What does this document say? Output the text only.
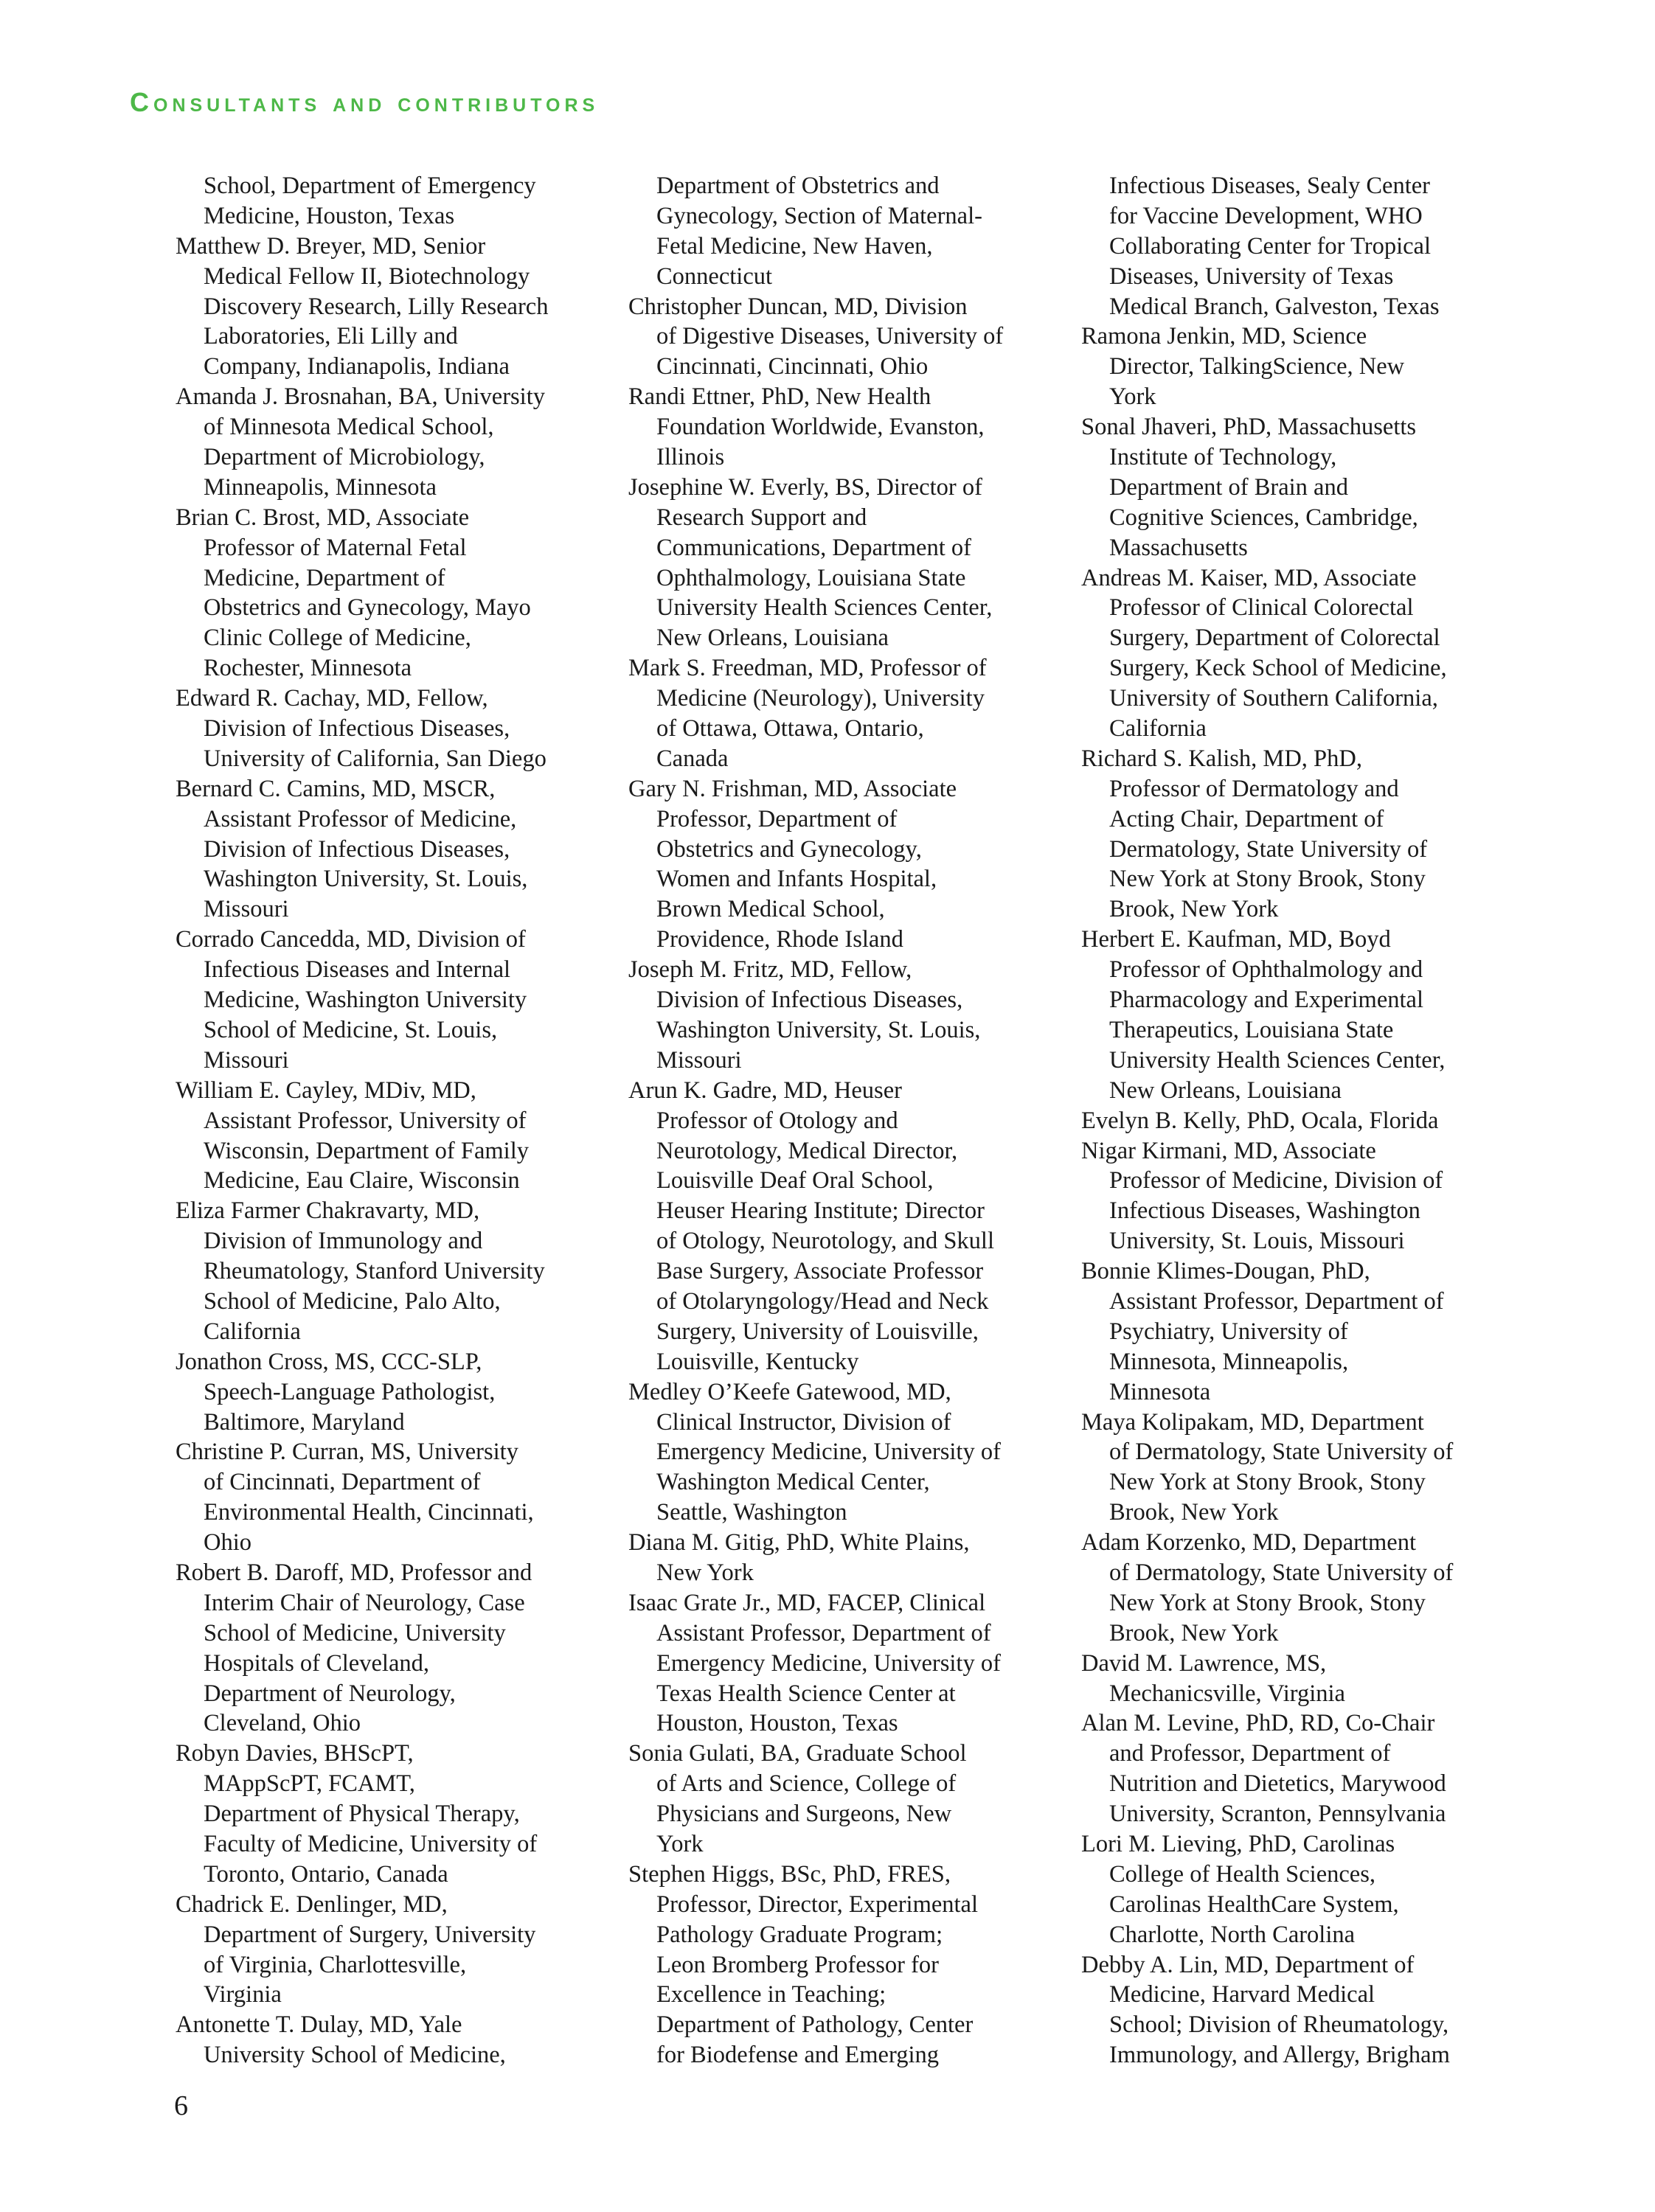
Consultants and contributors
School, Department of Emergency
Medicine, Houston, Texas
Matthew D. Breyer, MD, Senior
Medical Fellow II, Biotechnology
Discovery Research, Lilly Research
Laboratories, Eli Lilly and
Company, Indianapolis, Indiana
Amanda J. Brosnahan, BA, University
of Minnesota Medical School,
Department of Microbiology,
Minneapolis, Minnesota
Brian C. Brost, MD, Associate
Professor of Maternal Fetal
Medicine, Department of
Obstetrics and Gynecology, Mayo
Clinic College of Medicine,
Rochester, Minnesota
Edward R. Cachay, MD, Fellow,
Division of Infectious Diseases,
University of California, San Diego
Bernard C. Camins, MD, MSCR,
Assistant Professor of Medicine,
Division of Infectious Diseases,
Washington University, St. Louis,
Missouri
Corrado Cancedda, MD, Division of
Infectious Diseases and Internal
Medicine, Washington University
School of Medicine, St. Louis,
Missouri
William E. Cayley, MDiv, MD,
Assistant Professor, University of
Wisconsin, Department of Family
Medicine, Eau Claire, Wisconsin
Eliza Farmer Chakravarty, MD,
Division of Immunology and
Rheumatology, Stanford University
School of Medicine, Palo Alto,
California
Jonathon Cross, MS, CCC-SLP,
Speech-Language Pathologist,
Baltimore, Maryland
Christine P. Curran, MS, University
of Cincinnati, Department of
Environmental Health, Cincinnati,
Ohio
Robert B. Daroff, MD, Professor and
Interim Chair of Neurology, Case
School of Medicine, University
Hospitals of Cleveland,
Department of Neurology,
Cleveland, Ohio
Robyn Davies, BHScPT,
MAppScPT, FCAMT,
Department of Physical Therapy,
Faculty of Medicine, University of
Toronto, Ontario, Canada
Chadrick E. Denlinger, MD,
Department of Surgery, University
of Virginia, Charlottesville,
Virginia
Antonette T. Dulay, MD, Yale
University School of Medicine,
Department of Obstetrics and
Gynecology, Section of Maternal-
Fetal Medicine, New Haven,
Connecticut
Christopher Duncan, MD, Division
of Digestive Diseases, University of
Cincinnati, Cincinnati, Ohio
Randi Ettner, PhD, New Health
Foundation Worldwide, Evanston,
Illinois
Josephine W. Everly, BS, Director of
Research Support and
Communications, Department of
Ophthalmology, Louisiana State
University Health Sciences Center,
New Orleans, Louisiana
Mark S. Freedman, MD, Professor of
Medicine (Neurology), University
of Ottawa, Ottawa, Ontario,
Canada
Gary N. Frishman, MD, Associate
Professor, Department of
Obstetrics and Gynecology,
Women and Infants Hospital,
Brown Medical School,
Providence, Rhode Island
Joseph M. Fritz, MD, Fellow,
Division of Infectious Diseases,
Washington University, St. Louis,
Missouri
Arun K. Gadre, MD, Heuser
Professor of Otology and
Neurotology, Medical Director,
Louisville Deaf Oral School,
Heuser Hearing Institute; Director
of Otology, Neurotology, and Skull
Base Surgery, Associate Professor
of Otolaryngology/Head and Neck
Surgery, University of Louisville,
Louisville, Kentucky
Medley O’Keefe Gatewood, MD,
Clinical Instructor, Division of
Emergency Medicine, University of
Washington Medical Center,
Seattle, Washington
Diana M. Gitig, PhD, White Plains,
New York
Isaac Grate Jr., MD, FACEP, Clinical
Assistant Professor, Department of
Emergency Medicine, University of
Texas Health Science Center at
Houston, Houston, Texas
Sonia Gulati, BA, Graduate School
of Arts and Science, College of
Physicians and Surgeons, New
York
Stephen Higgs, BSc, PhD, FRES,
Professor, Director, Experimental
Pathology Graduate Program;
Leon Bromberg Professor for
Excellence in Teaching;
Department of Pathology, Center
for Biodefense and Emerging
Infectious Diseases, Sealy Center
for Vaccine Development, WHO
Collaborating Center for Tropical
Diseases, University of Texas
Medical Branch, Galveston, Texas
Ramona Jenkin, MD, Science
Director, TalkingScience, New
York
Sonal Jhaveri, PhD, Massachusetts
Institute of Technology,
Department of Brain and
Cognitive Sciences, Cambridge,
Massachusetts
Andreas M. Kaiser, MD, Associate
Professor of Clinical Colorectal
Surgery, Department of Colorectal
Surgery, Keck School of Medicine,
University of Southern California,
California
Richard S. Kalish, MD, PhD,
Professor of Dermatology and
Acting Chair, Department of
Dermatology, State University of
New York at Stony Brook, Stony
Brook, New York
Herbert E. Kaufman, MD, Boyd
Professor of Ophthalmology and
Pharmacology and Experimental
Therapeutics, Louisiana State
University Health Sciences Center,
New Orleans, Louisiana
Evelyn B. Kelly, PhD, Ocala, Florida
Nigar Kirmani, MD, Associate
Professor of Medicine, Division of
Infectious Diseases, Washington
University, St. Louis, Missouri
Bonnie Klimes-Dougan, PhD,
Assistant Professor, Department of
Psychiatry, University of
Minnesota, Minneapolis,
Minnesota
Maya Kolipakam, MD, Department
of Dermatology, State University of
New York at Stony Brook, Stony
Brook, New York
Adam Korzenko, MD, Department
of Dermatology, State University of
New York at Stony Brook, Stony
Brook, New York
David M. Lawrence, MS,
Mechanicsville, Virginia
Alan M. Levine, PhD, RD, Co-Chair
and Professor, Department of
Nutrition and Dietetics, Marywood
University, Scranton, Pennsylvania
Lori M. Lieving, PhD, Carolinas
College of Health Sciences,
Carolinas HealthCare System,
Charlotte, North Carolina
Debby A. Lin, MD, Department of
Medicine, Harvard Medical
School; Division of Rheumatology,
Immunology, and Allergy, Brigham
6
